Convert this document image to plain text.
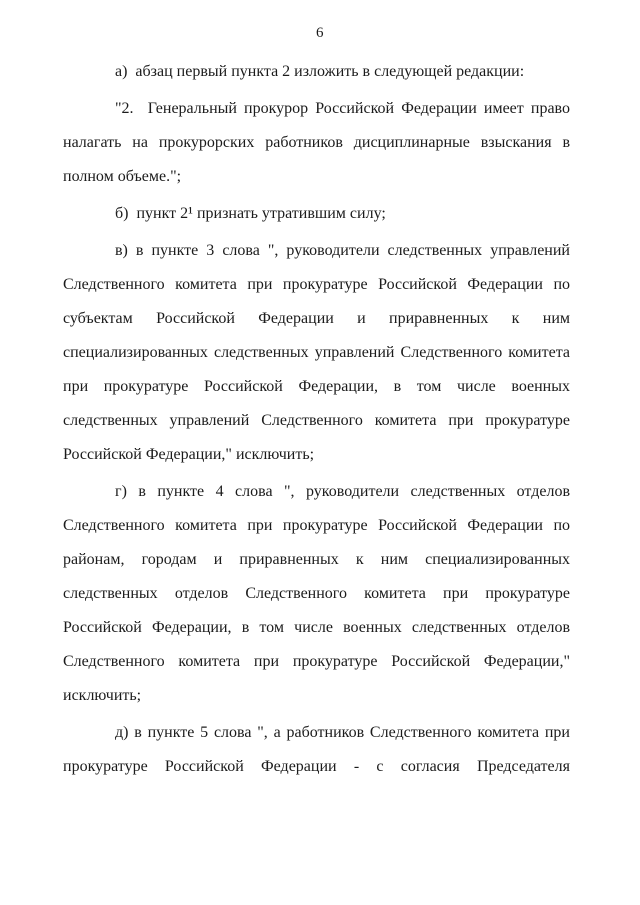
6
а)  абзац первый пункта 2 изложить в следующей редакции:
"2.  Генеральный прокурор Российской Федерации имеет право
налагать на прокурорских работников дисциплинарные взыскания в
полном объеме.";
б)  пункт 2¹ признать утратившим силу;
в) в пункте 3 слова ", руководители следственных управлений
Следственного комитета при прокуратуре Российской Федерации по
субъектам Российской Федерации и приравненных к ним
специализированных следственных управлений Следственного комитета
при прокуратуре Российской Федерации, в том числе военных
следственных управлений Следственного комитета при прокуратуре
Российской Федерации," исключить;
г) в пункте 4 слова ", руководители следственных отделов
Следственного комитета при прокуратуре Российской Федерации по
районам, городам и приравненных к ним специализированных
следственных отделов Следственного комитета при прокуратуре
Российской Федерации, в том числе военных следственных отделов
Следственного комитета при прокуратуре Российской Федерации,"
исключить;
д) в пункте 5 слова ", а работников Следственного комитета при
прокуратуре Российской Федерации - с согласия Председателя
